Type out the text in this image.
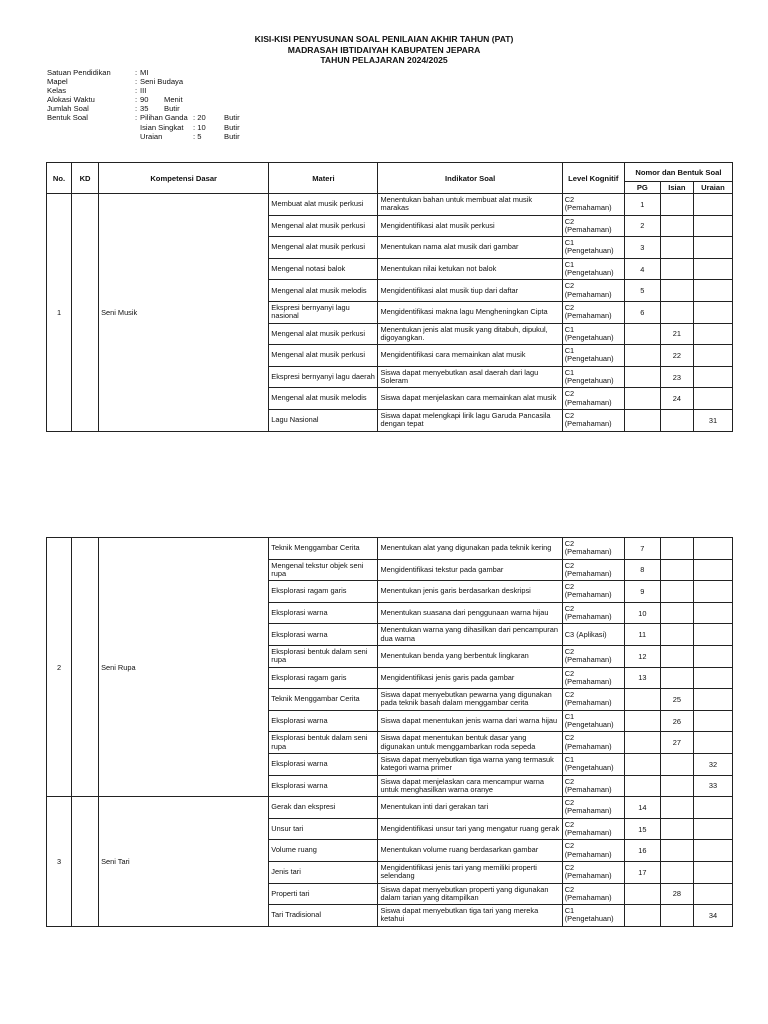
KISI-KISI PENYUSUNAN SOAL PENILAIAN AKHIR TAHUN (PAT)
MADRASAH IBTIDAIYAH KABUPATEN JEPARA
TAHUN PELAJARAN 2024/2025
Satuan Pendidikan	: MI
Mapel	: Seni Budaya
Kelas	: III
Alokasi Waktu	: 90 Menit
Jumlah Soal	: 35 Butir
Bentuk Soal	: Pilihan Ganda : 20 Butir
Isian Singkat : 10 Butir
Uraian	: 5	Butir
No.	KD	Kompetensi Dasar	Materi	Indikator Soal	Level Kognitif	Nomor dan Bentuk Soal		
						PG	Isian	Uraian
1		Seni Musik	Membuat alat musik perkusi	Menentukan bahan untuk membuat alat musik marakas	C2 (Pemahaman)	1		
			Mengenal alat musik perkusi	Mengidentifikasi alat musik perkusi	C2 (Pemahaman)	2		
			Mengenal alat musik perkusi	Menentukan nama alat musik dari gambar	C1 (Pengetahuan)	3		
			Mengenal notasi balok	Menentukan nilai ketukan not balok	C1 (Pengetahuan)	4		
			Mengenal alat musik melodis	Mengidentifikasi alat musik tiup dari daftar	C2 (Pemahaman)	5		
			Ekspresi bernyanyi lagu nasional	Mengidentifikasi makna lagu Mengheningkan Cipta	C2 (Pemahaman)	6		
			Mengenal alat musik perkusi	Menentukan jenis alat musik yang ditabuh, dipukul, digoyangkan.	C1 (Pengetahuan)		21	
			Mengenal alat musik perkusi	Mengidentifikasi cara memainkan alat musik	C1 (Pengetahuan)		22	
			Ekspresi bernyanyi lagu daerah	Siswa dapat menyebutkan asal daerah dari lagu Soleram	C1 (Pengetahuan)		23	
			Mengenal alat musik melodis	Siswa dapat menjelaskan cara memainkan alat musik	C2 (Pemahaman)		24	
			Lagu Nasional	Siswa dapat melengkapi lirik lagu Garuda Pancasila dengan tepat	C2 (Pemahaman)			31
2		Seni Rupa	Teknik Menggambar Cerita	Menentukan alat yang digunakan pada teknik kering	C2 (Pemahaman)	7		
			Mengenal tekstur objek seni rupa	Mengidentifikasi tekstur pada gambar	C2 (Pemahaman)	8		
			Eksplorasi ragam garis	Menentukan jenis garis berdasarkan deskripsi	C2 (Pemahaman)	9		
			Eksplorasi warna	Menentukan suasana dari penggunaan warna hijau	C2 (Pemahaman)	10		
			Eksplorasi warna	Menentukan warna yang dihasilkan dari pencampuran dua warna	C3 (Aplikasi)	11		
			Eksplorasi bentuk dalam seni rupa	Menentukan benda yang berbentuk lingkaran	C2 (Pemahaman)	12		
			Eksplorasi ragam garis	Mengidentifikasi jenis garis pada gambar	C2 (Pemahaman)	13		
			Teknik Menggambar Cerita	Siswa dapat menyebutkan pewarna yang digunakan pada teknik basah dalam menggambar cerita	C2 (Pemahaman)		25	
			Eksplorasi warna	Siswa dapat menentukan jenis warna dari warna hijau	C1 (Pengetahuan)		26	
			Eksplorasi bentuk dalam seni rupa	Siswa dapat menentukan bentuk dasar yang digunakan untuk menggambarkan roda sepeda	C2 (Pemahaman)		27	
			Eksplorasi warna	Siswa dapat menyebutkan tiga warna yang termasuk kategori warna primer	C1 (Pengetahuan)			32
			Eksplorasi warna	Siswa dapat menjelaskan cara mencampur warna untuk menghasilkan warna oranye	C2 (Pemahaman)			33
3		Seni Tari	Gerak dan ekspresi	Menentukan inti dari gerakan tari	C2 (Pemahaman)	14		
			Unsur tari	Mengidentifikasi unsur tari yang mengatur ruang gerak	C2 (Pemahaman)	15		
			Volume ruang	Menentukan volume ruang berdasarkan gambar	C2 (Pemahaman)	16		
			Jenis tari	Mengidentifikasi jenis tari yang memiliki properti selendang	C2 (Pemahaman)	17		
			Properti tari	Siswa dapat menyebutkan properti yang digunakan dalam tarian yang ditampilkan	C2 (Pemahaman)		28	
			Tari Tradisional	Siswa dapat menyebutkan tiga tari yang mereka ketahui	C1 (Pengetahuan)			34
